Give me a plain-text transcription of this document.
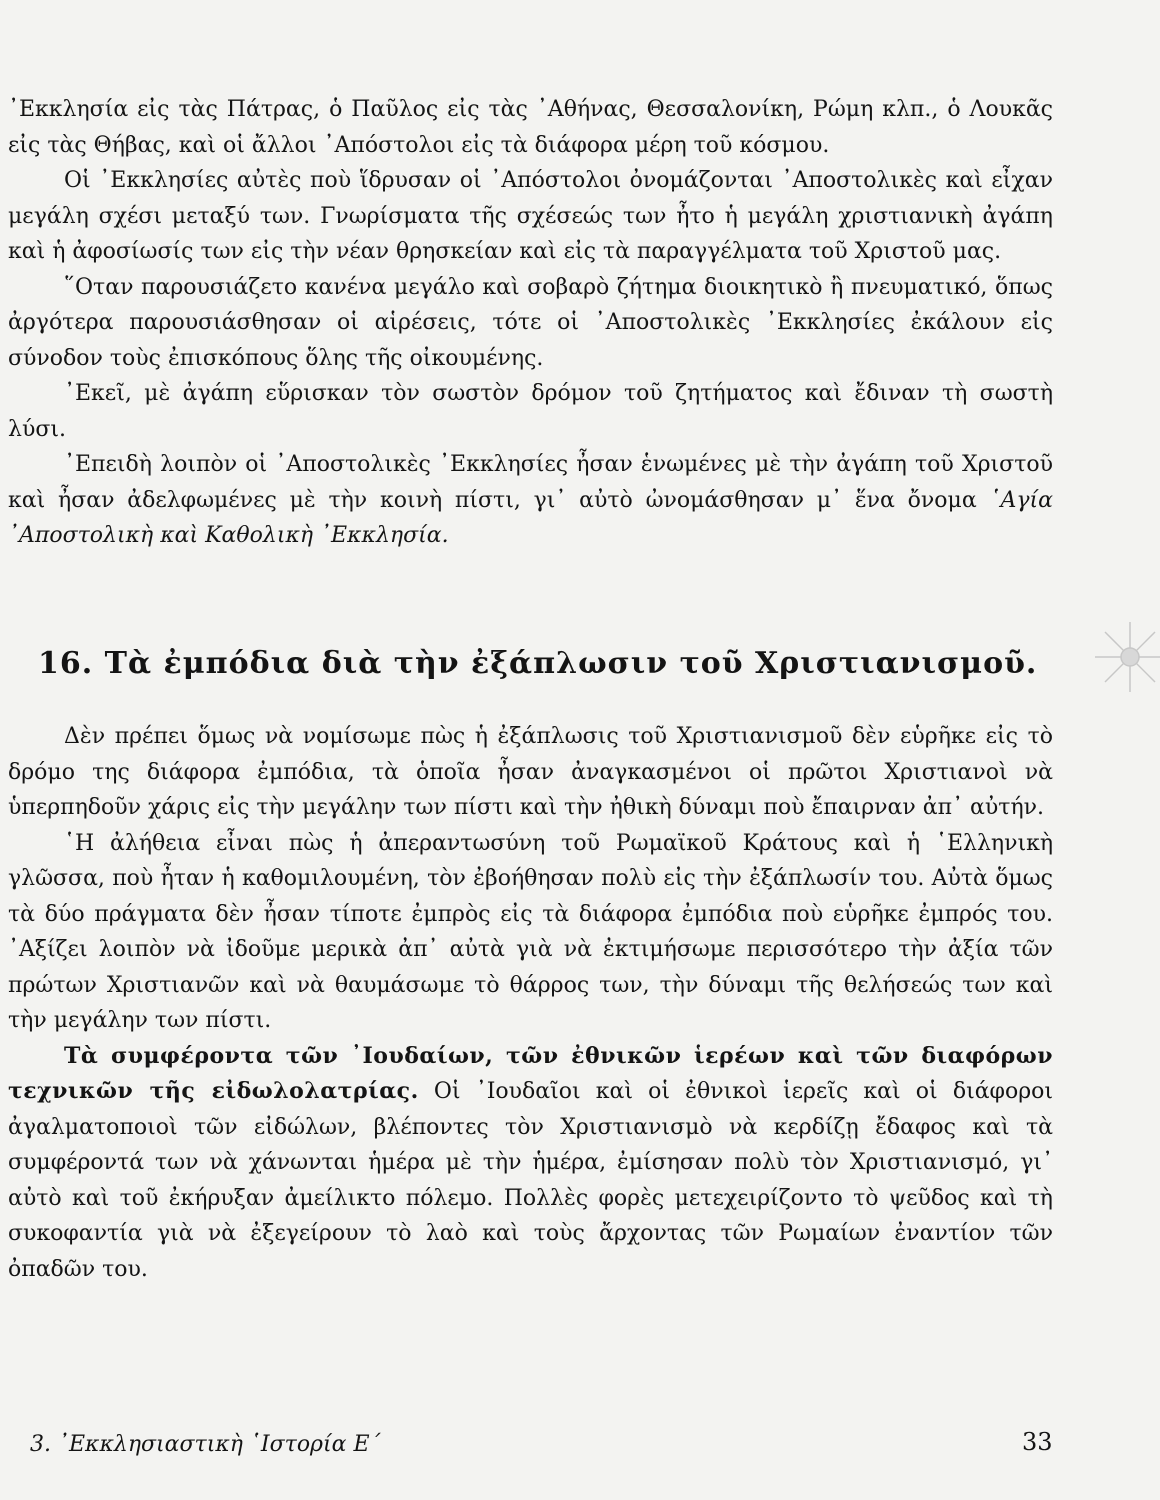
᾿Εκκλησία εἰς τὰς Πάτρας, ὁ Παῦλος εἰς τὰς ᾿Αθήνας, Θεσσαλονίκη, Ρώμη κλπ., ὁ Λουκᾶς εἰς τὰς Θήβας, καὶ οἱ ἄλλοι ᾿Απόστολοι εἰς τὰ διάφορα μέρη τοῦ κόσμου.

Οἱ ᾿Εκκλησίες αὐτὲς ποὺ ἵδρυσαν οἱ ᾿Απόστολοι ὀνομάζονται ᾿Αποστολικὲς καὶ εἶχαν μεγάλη σχέσι μεταξύ των. Γνωρίσματα τῆς σχέσεώς των ἦτο ἡ μεγάλη χριστιανικὴ ἀγάπη καὶ ἡ ἀφοσίωσίς των εἰς τὴν νέαν θρησκείαν καὶ εἰς τὰ παραγγέλματα τοῦ Χριστοῦ μας.

῞Οταν παρουσιάζετο κανένα μεγάλο καὶ σοβαρὸ ζήτημα διοικητικὸ ἢ πνευματικό, ὅπως ἀργότερα παρουσιάσθησαν οἱ αἱρέσεις, τότε οἱ ᾿Αποστολικὲς ᾿Εκκλησίες ἐκάλουν εἰς σύνοδον τοὺς ἐπισκόπους ὅλης τῆς οἰκουμένης.

᾿Εκεῖ, μὲ ἀγάπη εὕρισκαν τὸν σωστὸν δρόμον τοῦ ζητήματος καὶ ἔδιναν τὴ σωστὴ λύσι.

᾿Επειδὴ λοιπὸν οἱ ᾿Αποστολικὲς ᾿Εκκλησίες ἦσαν ἑνωμένες μὲ τὴν ἀγάπη τοῦ Χριστοῦ καὶ ἦσαν ἀδελφωμένες μὲ τὴν κοινὴ πίστι, γι᾿ αὐτὸ ὠνομάσθησαν μ᾿ ἕνα ὄνομα ῾Αγία ᾿Αποστολικὴ καὶ Καθολικὴ ᾿Εκκλησία.

16. Τὰ ἐμπόδια διὰ τὴν ἐξάπλωσιν τοῦ Χριστιανισμοῦ.

Δὲν πρέπει ὅμως νὰ νομίσωμε πὼς ἡ ἐξάπλωσις τοῦ Χριστιανισμοῦ δὲν εὑρῆκε εἰς τὸ δρόμο της διάφορα ἐμπόδια, τὰ ὁποῖα ἦσαν ἀναγκασμένοι οἱ πρῶτοι Χριστιανοὶ νὰ ὑπερπηδοῦν χάρις εἰς τὴν μεγάλην των πίστι καὶ τὴν ἠθικὴ δύναμι ποὺ ἔπαιρναν ἀπ᾿ αὐτήν.

῾Η ἀλήθεια εἶναι πὼς ἡ ἀπεραντωσύνη τοῦ Ρωμαϊκοῦ Κράτους καὶ ἡ ῾Ελληνικὴ γλῶσσα, ποὺ ἦταν ἡ καθομιλουμένη, τὸν ἐβοήθησαν πολὺ εἰς τὴν ἐξάπλωσίν του. Αὐτὰ ὅμως τὰ δύο πράγματα δὲν ἦσαν τίποτε ἐμπρὸς εἰς τὰ διάφορα ἐμπόδια ποὺ εὑρῆκε ἐμπρός του. ᾿Αξίζει λοιπὸν νὰ ἰδοῦμε μερικὰ ἀπ᾿ αὐτὰ γιὰ νὰ ἐκτιμήσωμε περισσότερο τὴν ἀξία τῶν πρώτων Χριστιανῶν καὶ νὰ θαυμάσωμε τὸ θάρρος των, τὴν δύναμι τῆς θελήσεώς των καὶ τὴν μεγάλην των πίστι.

Τὰ συμφέροντα τῶν ᾿Ιουδαίων, τῶν ἐθνικῶν ἱερέων καὶ τῶν διαφόρων τεχνικῶν τῆς εἰδωλολατρίας. Οἱ ᾿Ιουδαῖοι καὶ οἱ ἐθνικοὶ ἱερεῖς καὶ οἱ διάφοροι ἀγαλματοποιοὶ τῶν εἰδώλων, βλέποντες τὸν Χριστιανισμὸ νὰ κερδίζῃ ἔδαφος καὶ τὰ συμφέροντά των νὰ χάνωνται ἡμέρα μὲ τὴν ἡμέρα, ἐμίσησαν πολὺ τὸν Χριστιανισμό, γι᾿ αὐτὸ καὶ τοῦ ἐκήρυξαν ἀμείλικτο πόλεμο. Πολλὲς φορὲς μετεχειρίζοντο τὸ ψεῦδος καὶ τὴ συκοφαντία γιὰ νὰ ἐξεγείρουν τὸ λαὸ καὶ τοὺς ἄρχοντας τῶν Ρωμαίων ἐναντίον τῶν ὀπαδῶν του.

3. ᾿Εκκλησιαστικὴ ῾Ιστορία Ε´	33
